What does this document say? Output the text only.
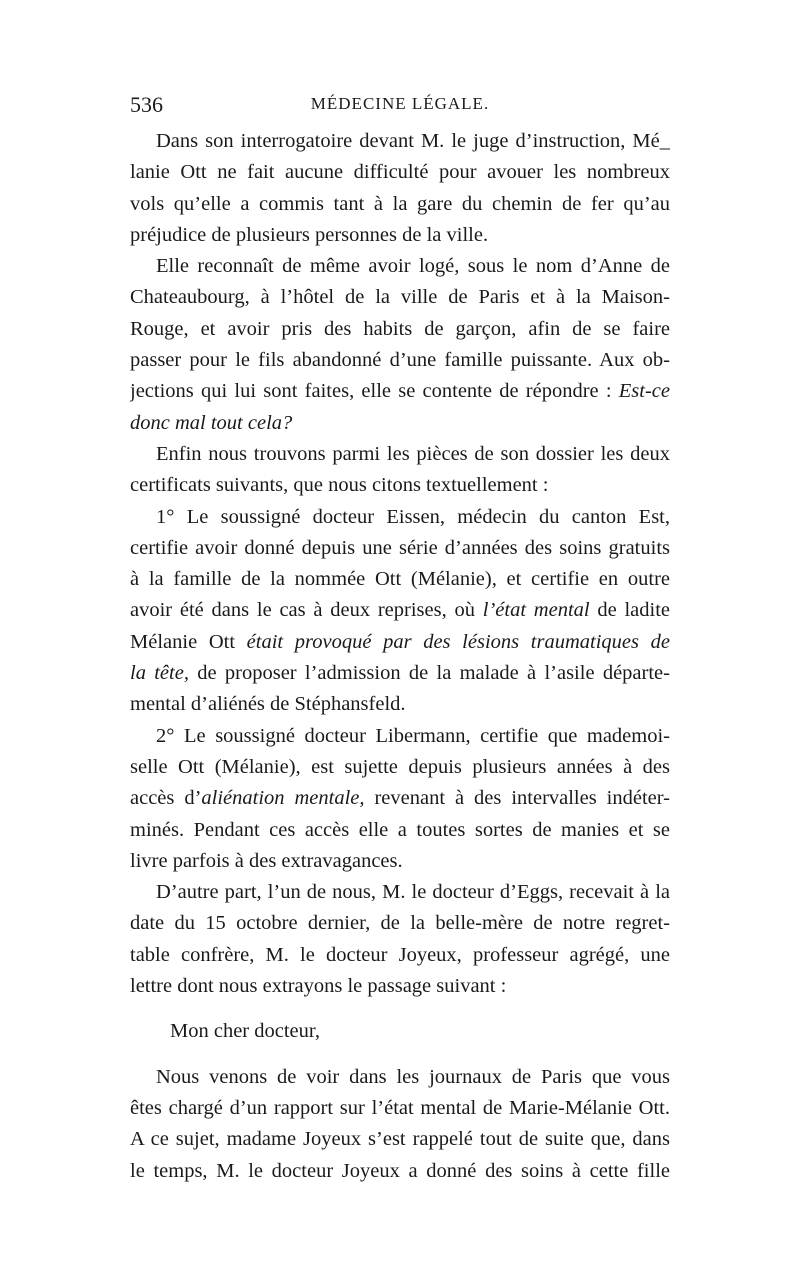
536	MÉDECINE LÉGALE.
Dans son interrogatoire devant M. le juge d’instruction, Mé_
lanie Ott ne fait aucune difficulté pour avouer les nombreux
vols qu’elle a commis tant à la gare du chemin de fer qu’au
préjudice de plusieurs personnes de la ville.
Elle reconnaît de même avoir logé, sous le nom d’Anne de
Chateaubourg, à l’hôtel de la ville de Paris et à la Maison-
Rouge, et avoir pris des habits de garçon, afin de se faire
passer pour le fils abandonné d’une famille puissante. Aux ob-
jections qui lui sont faites, elle se contente de répondre : Est-ce
donc mal tout cela?
Enfin nous trouvons parmi les pièces de son dossier les deux
certificats suivants, que nous citons textuellement :
1° Le soussigné docteur Eissen, médecin du canton Est,
certifie avoir donné depuis une série d’années des soins gratuits
à la famille de la nommée Ott (Mélanie), et certifie en outre
avoir été dans le cas à deux reprises, où l’état mental de ladite
Mélanie Ott était provoqué par des lésions traumatiques de
la tête, de proposer l’admission de la malade à l’asile départe-
mental d’aliénés de Stéphansfeld.
2° Le soussigné docteur Libermann, certifie que mademoi-
selle Ott (Mélanie), est sujette depuis plusieurs années à des
accès d’aliénation mentale, revenant à des intervalles indéter-
minés. Pendant ces accès elle a toutes sortes de manies et se
livre parfois à des extravagances.
D’autre part, l’un de nous, M. le docteur d’Eggs, recevait à la
date du 15 octobre dernier, de la belle-mère de notre regret-
table confrère, M. le docteur Joyeux, professeur agrégé, une
lettre dont nous extrayons le passage suivant :
Mon cher docteur,
Nous venons de voir dans les journaux de Paris que vous
êtes chargé d’un rapport sur l’état mental de Marie-Mélanie Ott.
A ce sujet, madame Joyeux s’est rappelé tout de suite que, dans
le temps, M. le docteur Joyeux a donné des soins à cette fille
